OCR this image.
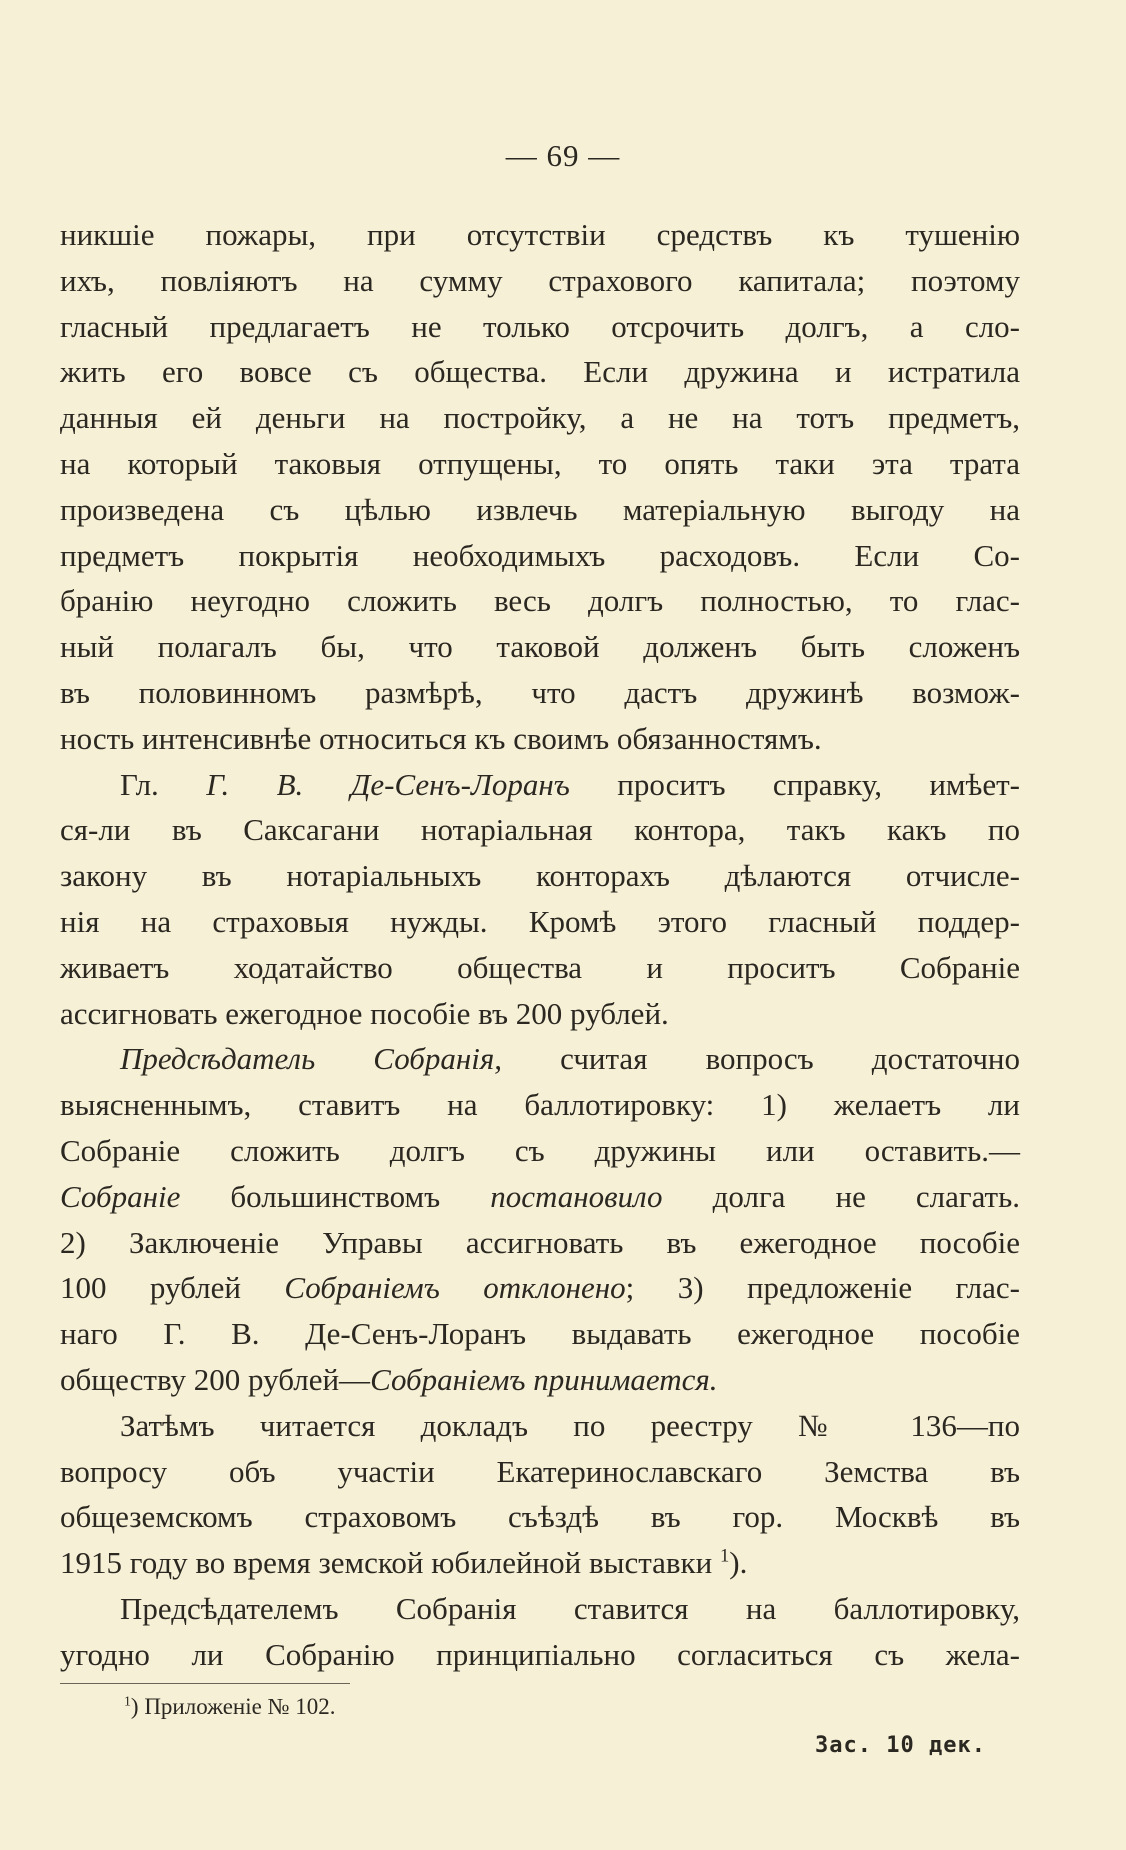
— 69 —
никшіе пожары, при отсутствіи средствъ къ тушенію
ихъ, повліяютъ на сумму страхового капитала; поэтому
гласный предлагаетъ не только отсрочить долгъ, а сло-
жить его вовсе съ общества. Если дружина и истратила
данныя ей деньги на постройку, а не на тотъ предметъ,
на который таковыя отпущены, то опять таки эта трата
произведена съ цѣлью извлечь матеріальную выгоду на
предметъ покрытія необходимыхъ расходовъ. Если Со-
бранію неугодно сложить весь долгъ полностью, то глас-
ный полагалъ бы, что таковой долженъ быть сложенъ
въ половинномъ размѣрѣ, что дастъ дружинѣ возмож-
ность интенсивнѣе относиться къ своимъ обязанностямъ.
Гл. Г. В. Де-Сенъ-Лоранъ проситъ справку, имѣет-
ся-ли въ Саксагани нотаріальная контора, такъ какъ по
закону въ нотаріальныхъ конторахъ дѣлаются отчисле-
нія на страховыя нужды. Кромѣ этого гласный поддер-
живаетъ ходатайство общества и проситъ Собраніе
ассигновать ежегодное пособіе въ 200 рублей.
Предсѣдатель Собранія, считая вопросъ достаточно
выясненнымъ, ставитъ на баллотировку: 1) желаетъ ли
Собраніе сложить долгъ съ дружины или оставить.—
Собраніе большинствомъ постановило долга не слагать.
2) Заключеніе Управы ассигновать въ ежегодное пособіе
100 рублей Собраніемъ отклонено; 3) предложеніе глас-
наго Г. В. Де-Сенъ-Лоранъ выдавать ежегодное пособіе
обществу 200 рублей—Собраніемъ принимается.
Затѣмъ читается докладъ по реестру № 136—по
вопросу объ участіи Екатеринославскаго Земства въ
общеземскомъ страховомъ съѣздѣ въ гор. Москвѣ въ
1915 году во время земской юбилейной выставки $^1$).
Предсѣдателемъ Собранія ставится на баллотировку,
угодно ли Собранію принципіально согласиться съ жела-
$^1$) Приложеніе № 102.
Зас. 10 дек.
